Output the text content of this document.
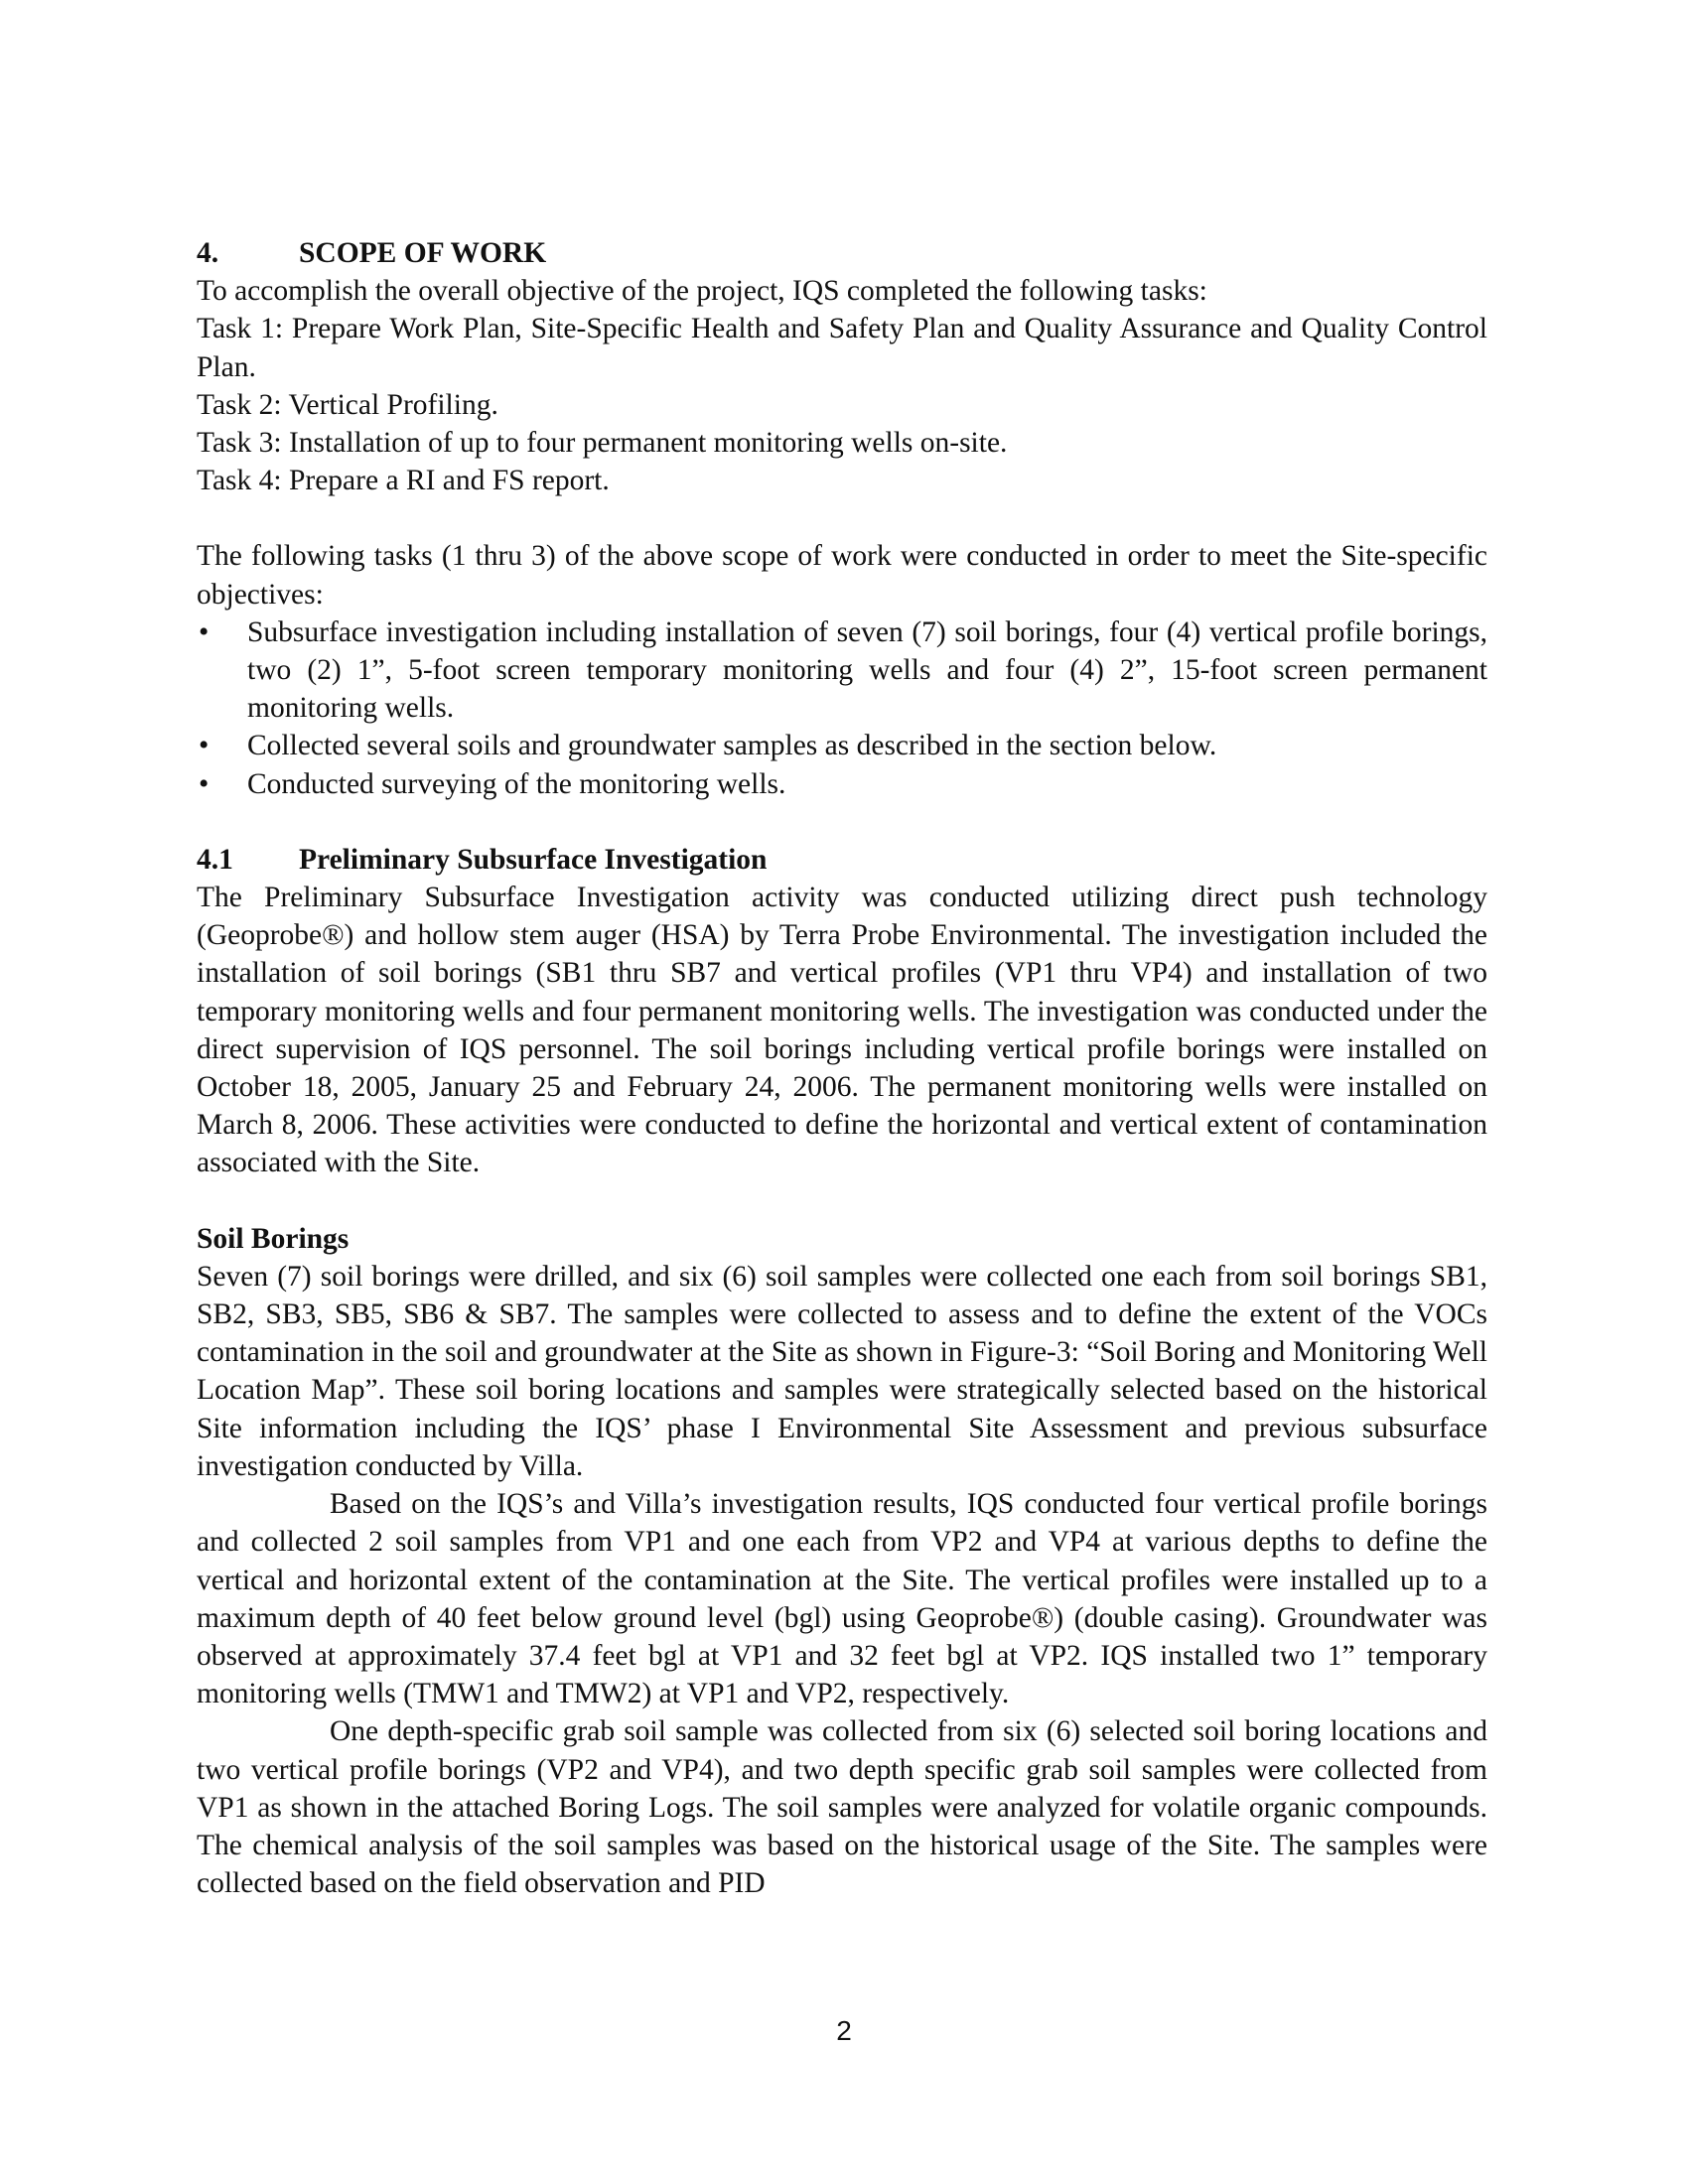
4.	SCOPE OF WORK

To accomplish the overall objective of the project, IQS completed the following tasks:

Task 1: Prepare Work Plan, Site-Specific Health and Safety Plan and Quality Assurance and Quality Control Plan.

Task 2: Vertical Profiling.

Task 3: Installation of up to four permanent monitoring wells on-site.

Task 4: Prepare a RI and FS report.

The following tasks (1 thru 3) of the above scope of work were conducted in order to meet the Site-specific objectives:

• Subsurface investigation including installation of seven (7) soil borings, four (4) vertical profile borings, two (2) 1”, 5-foot screen temporary monitoring wells and four (4) 2”, 15-foot screen permanent monitoring wells.
• Collected several soils and groundwater samples as described in the section below.
• Conducted surveying of the monitoring wells.
4.1	Preliminary Subsurface Investigation

The Preliminary Subsurface Investigation activity was conducted utilizing direct push technology (Geoprobe®) and hollow stem auger (HSA) by Terra Probe Environmental. The investigation included the installation of soil borings (SB1 thru SB7 and vertical profiles (VP1 thru VP4) and installation of two temporary monitoring wells and four permanent monitoring wells. The investigation was conducted under the direct supervision of IQS personnel. The soil borings including vertical profile borings were installed on October 18, 2005, January 25 and February 24, 2006. The permanent monitoring wells were installed on March 8, 2006. These activities were conducted to define the horizontal and vertical extent of contamination associated with the Site.

Soil Borings

Seven (7) soil borings were drilled, and six (6) soil samples were collected one each from soil borings SB1, SB2, SB3, SB5, SB6 & SB7. The samples were collected to assess and to define the extent of the VOCs contamination in the soil and groundwater at the Site as shown in Figure-3: “Soil Boring and Monitoring Well Location Map”. These soil boring locations and samples were strategically selected based on the historical Site information including the IQS’ phase I Environmental Site Assessment and previous subsurface investigation conducted by Villa.

Based on the IQS’s and Villa’s investigation results, IQS conducted four vertical profile borings and collected 2 soil samples from VP1 and one each from VP2 and VP4 at various depths to define the vertical and horizontal extent of the contamination at the Site. The vertical profiles were installed up to a maximum depth of 40 feet below ground level (bgl) using Geoprobe®) (double casing). Groundwater was observed at approximately 37.4 feet bgl at VP1 and 32 feet bgl at VP2. IQS installed two 1” temporary monitoring wells (TMW1 and TMW2) at VP1 and VP2, respectively.

One depth-specific grab soil sample was collected from six (6) selected soil boring locations and two vertical profile borings (VP2 and VP4), and two depth specific grab soil samples were collected from VP1 as shown in the attached Boring Logs. The soil samples were analyzed for volatile organic compounds. The chemical analysis of the soil samples was based on the historical usage of the Site. The samples were collected based on the field observation and PID

2
